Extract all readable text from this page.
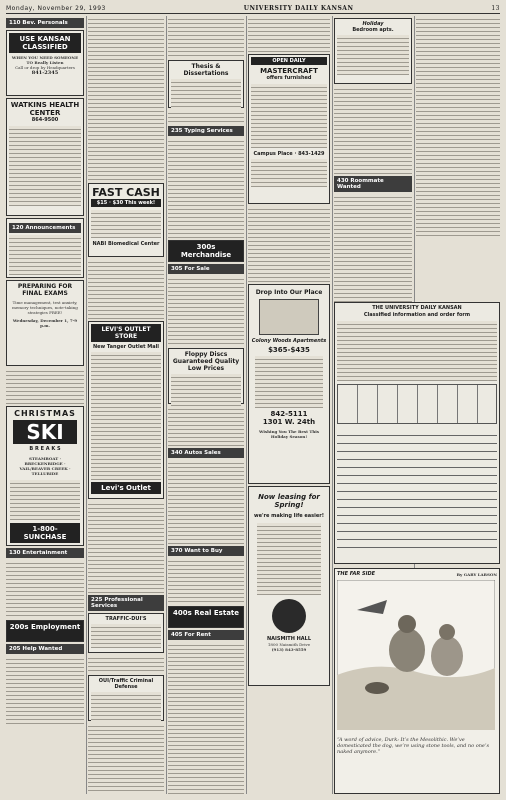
Monday, November 29, 1993	UNIVERSITY DAILY KANSAN	13
110 Bev. Personals
USE KANSAN CLASSIFIED
WHEN YOU NEED SOMEONE TO Really Listen
Call or drop by Headquarters
841-2345
WATKINS HEALTH CENTER
864-9500
120 Announcements
PREPARING FOR FINAL EXAMS
Time management, test anxiety, memory techniques, note-taking strategies FREE!
Wednesday, December 1, 7-9 p.m.
CHRISTMAS
SKI
B R E A K S
STEAMBOAT · BRECKENRIDGE · VAIL/BEAVER CREEK · TELLURIDE
1-800-SUNCHASE
130 Entertainment
200s Employment
205 Help Wanted
FAST CASH
$15 · $30 This week!
NABI Biomedical Center
LEVI'S OUTLET STORE
New Tanger Outlet Mall
Levi's Outlet
225 Professional Services
TRAFFIC-DUI'S
OUI/Traffic Criminal Defense
Thesis & Dissertations
235 Typing Services
300s Merchandise
305 For Sale
Floppy Discs Guaranteed Quality Low Prices
340 Autos Sales
370 Want to Buy
400s Real Estate
405 For Rent
OPEN DAILY
MASTERCRAFT
offers furnished
Campus Place · 843-1429
Drop Into Our Place
Colony Woods Apartments
$365-$435
842-5111
1301 W. 24th
Wishing You The Best This Holiday Season!
Now leasing for Spring!
we're making life easier!
NAISMITH HALL
1800 Naismith Drive
(913) 843-8559
Holiday
Bedroom apts.
430 Roommate Wanted
THE UNIVERSITY DAILY KANSAN
Classified information and order form
THE FAR SIDE	By GARY LARSON
“A word of advice, Durk: It’s the Mesolithic. We’ve domesticated the dog, we’re using stone tools, and no one’s naked anymore.”
